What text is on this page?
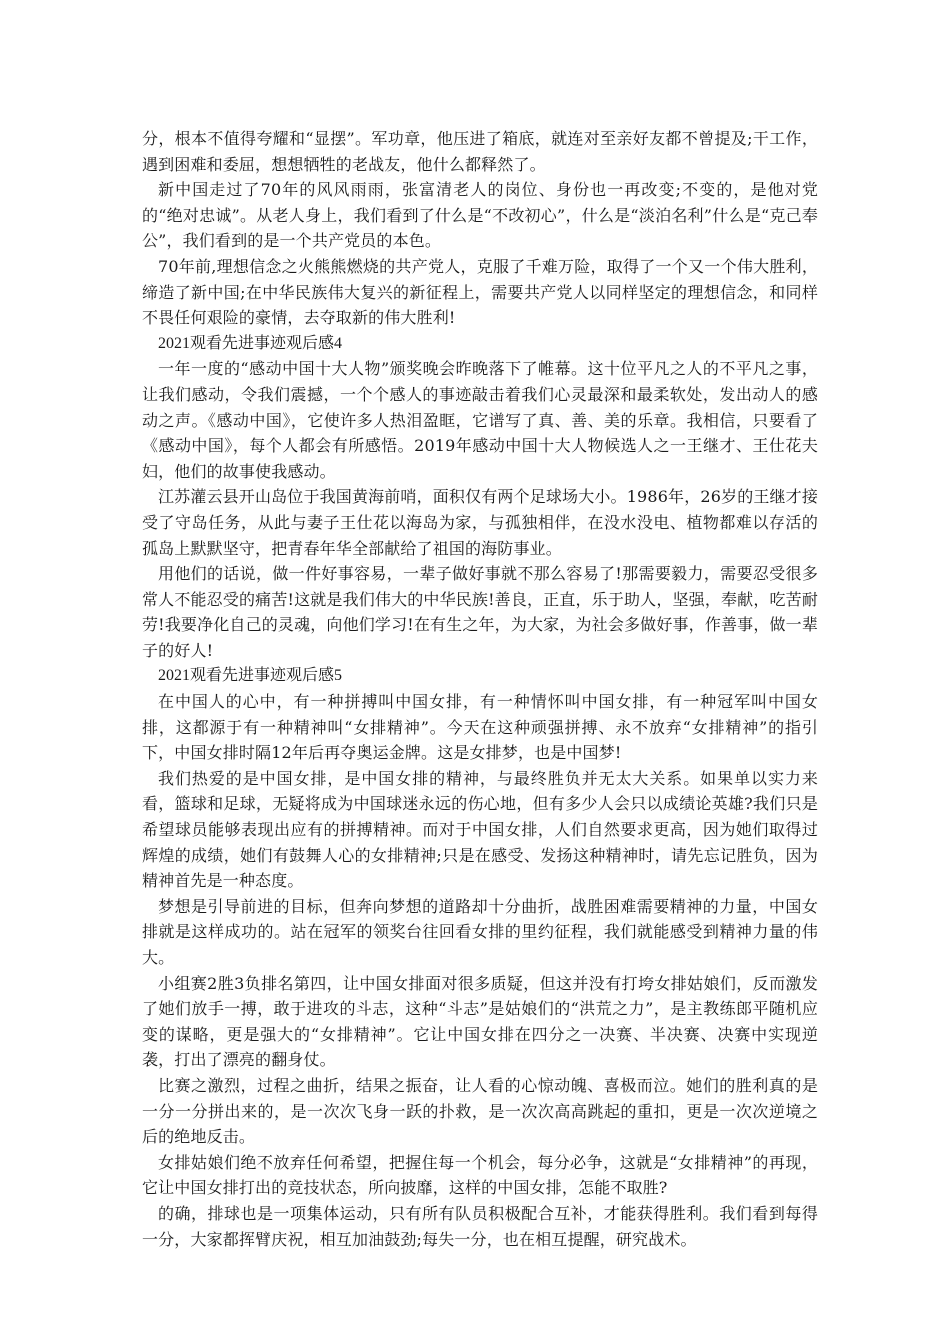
分，根本不值得夸耀和“显摆”。军功章，他压进了箱底，就连对至亲好友都不曾提及;干工作，遇到困难和委屈，想想牺牲的老战友，他什么都释然了。

新中国走过了70年的风风雨雨，张富清老人的岗位、身份也一再改变;不变的，是他对党的“绝对忠诚”。从老人身上，我们看到了什么是“不改初心”，什么是“淡泊名利”什么是“克己奉公”，我们看到的是一个共产党员的本色。

70年前,理想信念之火熊熊燃烧的共产党人，克服了千难万险，取得了一个又一个伟大胜利，缔造了新中国;在中华民族伟大复兴的新征程上，需要共产党人以同样坚定的理想信念，和同样不畏任何艰险的豪情，去夺取新的伟大胜利!

2021观看先进事迹观后感4

一年一度的“感动中国十大人物”颁奖晚会昨晚落下了帷幕。这十位平凡之人的不平凡之事，让我们感动，令我们震撼，一个个感人的事迹敲击着我们心灵最深和最柔软处，发出动人的感动之声。《感动中国》，它使许多人热泪盈眶，它谱写了真、善、美的乐章。我相信，只要看了《感动中国》，每个人都会有所感悟。2019年感动中国十大人物候选人之一王继才、王仕花夫妇，他们的故事使我感动。

江苏灌云县开山岛位于我国黄海前哨，面积仅有两个足球场大小。1986年，26岁的王继才接受了守岛任务，从此与妻子王仕花以海岛为家，与孤独相伴，在没水没电、植物都难以存活的孤岛上默默坚守，把青春年华全部献给了祖国的海防事业。

用他们的话说，做一件好事容易，一辈子做好事就不那么容易了!那需要毅力，需要忍受很多常人不能忍受的痛苦!这就是我们伟大的中华民族!善良，正直，乐于助人，坚强，奉献，吃苦耐劳!我要净化自己的灵魂，向他们学习!在有生之年，为大家，为社会多做好事，作善事，做一辈子的好人!

2021观看先进事迹观后感5

在中国人的心中，有一种拼搏叫中国女排，有一种情怀叫中国女排，有一种冠军叫中国女排，这都源于有一种精神叫“女排精神”。今天在这种顽强拼搏、永不放弃“女排精神”的指引下，中国女排时隔12年后再夺奥运金牌。这是女排梦，也是中国梦!

我们热爱的是中国女排，是中国女排的精神，与最终胜负并无太大关系。如果单以实力来看，篮球和足球，无疑将成为中国球迷永远的伤心地，但有多少人会只以成绩论英雄?我们只是希望球员能够表现出应有的拼搏精神。而对于中国女排，人们自然要求更高，因为她们取得过辉煌的成绩，她们有鼓舞人心的女排精神;只是在感受、发扬这种精神时，请先忘记胜负，因为精神首先是一种态度。

梦想是引导前进的目标，但奔向梦想的道路却十分曲折，战胜困难需要精神的力量，中国女排就是这样成功的。站在冠军的领奖台往回看女排的里约征程，我们就能感受到精神力量的伟大。

小组赛2胜3负排名第四，让中国女排面对很多质疑，但这并没有打垮女排姑娘们，反而激发了她们放手一搏，敢于进攻的斗志，这种“斗志”是姑娘们的“洪荒之力”，是主教练郎平随机应变的谋略，更是强大的“女排精神”。它让中国女排在四分之一决赛、半决赛、决赛中实现逆袭，打出了漂亮的翻身仗。

比赛之激烈，过程之曲折，结果之振奋，让人看的心惊动魄、喜极而泣。她们的胜利真的是一分一分拼出来的，是一次次飞身一跃的扑救，是一次次高高跳起的重扣，更是一次次逆境之后的绝地反击。

女排姑娘们绝不放弃任何希望，把握住每一个机会，每分必争，这就是“女排精神”的再现，它让中国女排打出的竞技状态，所向披靡，这样的中国女排，怎能不取胜?

的确，排球也是一项集体运动，只有所有队员积极配合互补，才能获得胜利。我们看到每得一分，大家都挥臂庆祝，相互加油鼓劲;每失一分，也在相互提醒，研究战术。
